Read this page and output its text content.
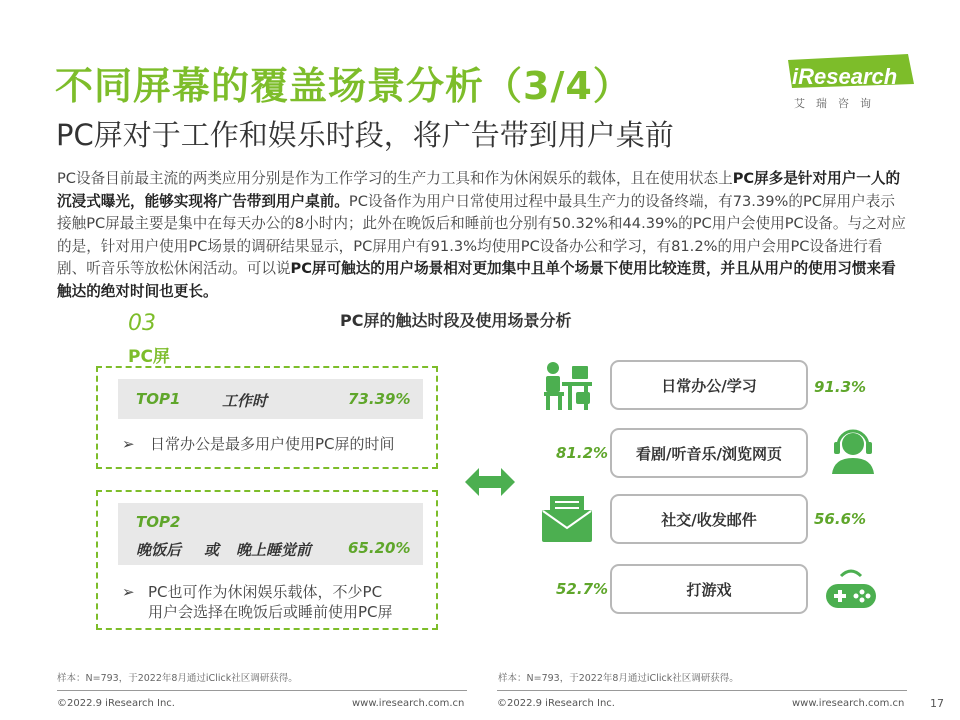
不同屏幕的覆盖场景分析（3/4）
PC屏对于工作和娱乐时段，将广告带到用户桌前
iResearch
艾瑞咨询
PC设备目前最主流的两类应用分别是作为工作学习的生产力工具和作为休闲娱乐的载体，且在使用状态上PC屏多是针对用户一人的沉浸式曝光，能够实现将广告带到用户桌前。PC设备作为用户日常使用过程中最具生产力的设备终端，有73.39%的PC屏用户表示接触PC屏最主要是集中在每天办公的8小时内；此外在晚饭后和睡前也分别有50.32%和44.39%的PC用户会使用PC设备。与之对应的是，针对用户使用PC场景的调研结果显示，PC屏用户有91.3%均使用PC设备办公和学习，有81.2%的用户会用PC设备进行看剧、听音乐等放松休闲活动。可以说PC屏可触达的用户场景相对更加集中且单个场景下使用比较连贯，并且从用户的使用习惯来看触达的绝对时间也更长。
03
PC屏
PC屏的触达时段及使用场景分析
TOP1	工作时	73.39%
➢ 日常办公是最多用户使用PC屏的时间
TOP2
晚饭后 或 晚上睡觉前 65.20%
➢ PC也可作为休闲娱乐载体，不少PC
用户会选择在晚饭后或睡前使用PC屏
日常办公/学习	91.3%
81.2% 看剧/听音乐/浏览网页
社交/收发邮件	56.6%
52.7%	打游戏
样本：N=793，于2022年8月通过iClick社区调研获得。	样本：N=793，于2022年8月通过iClick社区调研获得。
©2022.9 iResearch Inc.	www.iresearch.com.cn	©2022.9 iResearch Inc.	www.iresearch.com.cn 17
